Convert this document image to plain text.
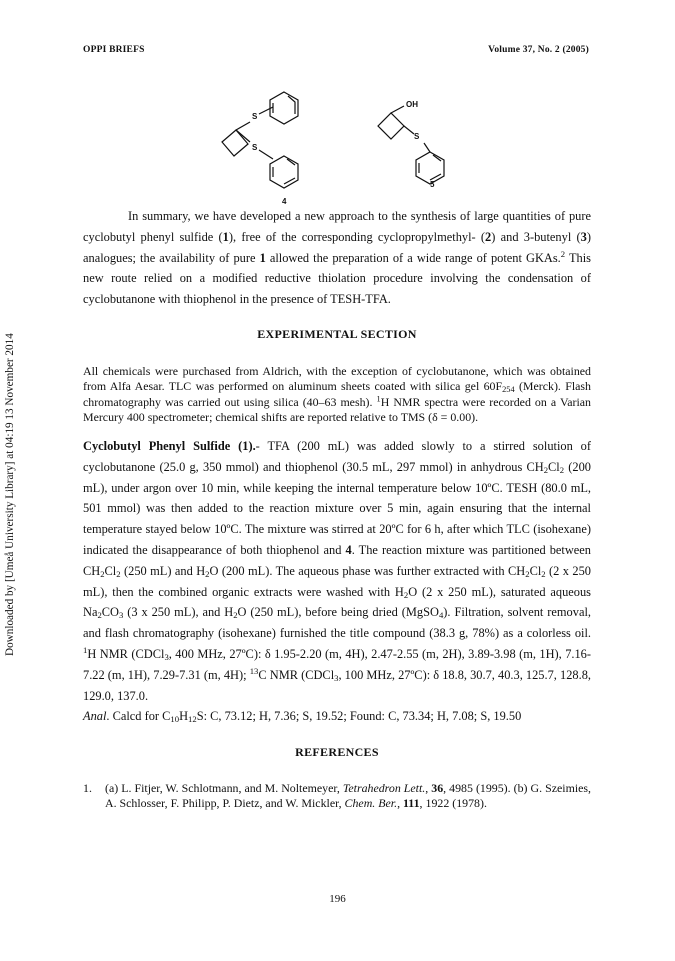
OPPI BRIEFS	Volume 37, No. 2 (2005)
Downloaded by [Umeå University Library] at 04:19 13 November 2014
S
S
4
OH
S
5
In summary, we have developed a new approach to the synthesis of large quantities of pure cyclobutyl phenyl sulfide (1), free of the corresponding cyclopropylmethyl- (2) and 3-butenyl (3) analogues; the availability of pure 1 allowed the preparation of a wide range of potent GKAs.$^2$ This new route relied on a modified reductive thiolation procedure involving the condensation of cyclobutanone with thiophenol in the presence of TESH-TFA.
EXPERIMENTAL SECTION
All chemicals were purchased from Aldrich, with the exception of cyclobutanone, which was obtained from Alfa Aesar. TLC was performed on aluminum sheets coated with silica gel $60F_{254}$ (Merck). Flash chromatography was carried out using silica (40–63 mesh). $^1$H NMR spectra were recorded on a Varian Mercury 400 spectrometer; chemical shifts are reported relative to TMS (δ = 0.00).
Cyclobutyl Phenyl Sulfide (1).- TFA (200 mL) was added slowly to a stirred solution of cyclobutanone (25.0 g, 350 mmol) and thiophenol (30.5 mL, 297 mmol) in anhydrous $CH_2Cl_2$ (200 mL), under argon over 10 min, while keeping the internal temperature below 10ºC. TESH (80.0 mL, 501 mmol) was then added to the reaction mixture over 5 min, again ensuring that the internal temperature stayed below 10ºC. The mixture was stirred at 20ºC for 6 h, after which TLC (isohexane) indicated the disappearance of both thiophenol and 4. The reaction mixture was partitioned between $CH_2Cl_2$ (250 mL) and $H_2O$ (200 mL). The aqueous phase was further extracted with $CH_2Cl_2$ (2 x 250 mL), then the combined organic extracts were washed with $H_2O$ (2 x 250 mL), saturated aqueous $Na_2CO_3$ (3 x 250 mL), and $H_2O$ (250 mL), before being dried (MgSO$_4$). Filtration, solvent removal, and flash chromatography (isohexane) furnished the title compound (38.3 g, 78%) as a colorless oil. $^1$H NMR (CDCl$_3$, 400 MHz, 27ºC): δ 1.95-2.20 (m, 4H), 2.47-2.55 (m, 2H), 3.89-3.98 (m, 1H), 7.16-7.22 (m, 1H), 7.29-7.31 (m, 4H); $^{13}$C NMR (CDCl$_3$, 100 MHz, 27ºC): δ 18.8, 30.7, 40.3, 125.7, 128.8, 129.0, 137.0.
Anal. Calcd for $C_{10}H_{12}S$: C, 73.12; H, 7.36; S, 19.52; Found: C, 73.34; H, 7.08; S, 19.50
REFERENCES
1. (a) L. Fitjer, W. Schlotmann, and M. Noltemeyer, Tetrahedron Lett., 36, 4985 (1995). (b) G. Szeimies, A. Schlosser, F. Philipp, P. Dietz, and W. Mickler, Chem. Ber., 111, 1922 (1978).
196
